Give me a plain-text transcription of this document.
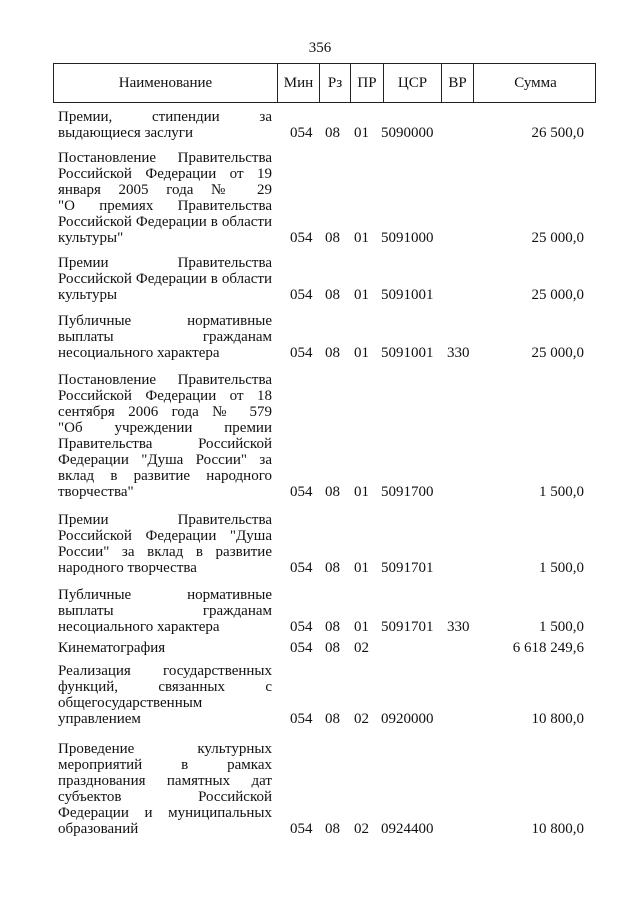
356
Наименование	Мин Рз	ПР	ЦСР	ВР	Сумма
Премии, стипендии за
выдающиеся заслуги	054 08 01 5090000	26 500,0
Постановление Правительства
Российской Федерации от 19
января 2005 года № 29
"О премиях Правительства
Российской Федерации в области
культуры"	054 08 01 5091000	25 000,0
Премии Правительства
Российской Федерации в области
культуры	054 08 01 5091001	25 000,0
Публичные нормативные
выплаты гражданам
несоциального характера	054 08 01 5091001 330	25 000,0
Постановление Правительства
Российской Федерации от 18
сентября 2006 года № 579
"Об учреждении премии
Правительства Российской
Федерации "Душа России" за
вклад в развитие народного
творчества"	054 08 01 5091700	1 500,0
Премии Правительства
Российской Федерации "Душа
России" за вклад в развитие
народного творчества	054 08 01 5091701	1 500,0
Публичные нормативные
выплаты гражданам
несоциального характера	054 08 01 5091701 330	1 500,0
Кинематография	054 08 02	6 618 249,6
Реализация государственных
функций, связанных с
общегосударственным
управлением	054 08 02 0920000	10 800,0
Проведение культурных
мероприятий в рамках
празднования памятных дат
субъектов Российской
Федерации и муниципальных
образований	054 08 02 0924400	10 800,0
